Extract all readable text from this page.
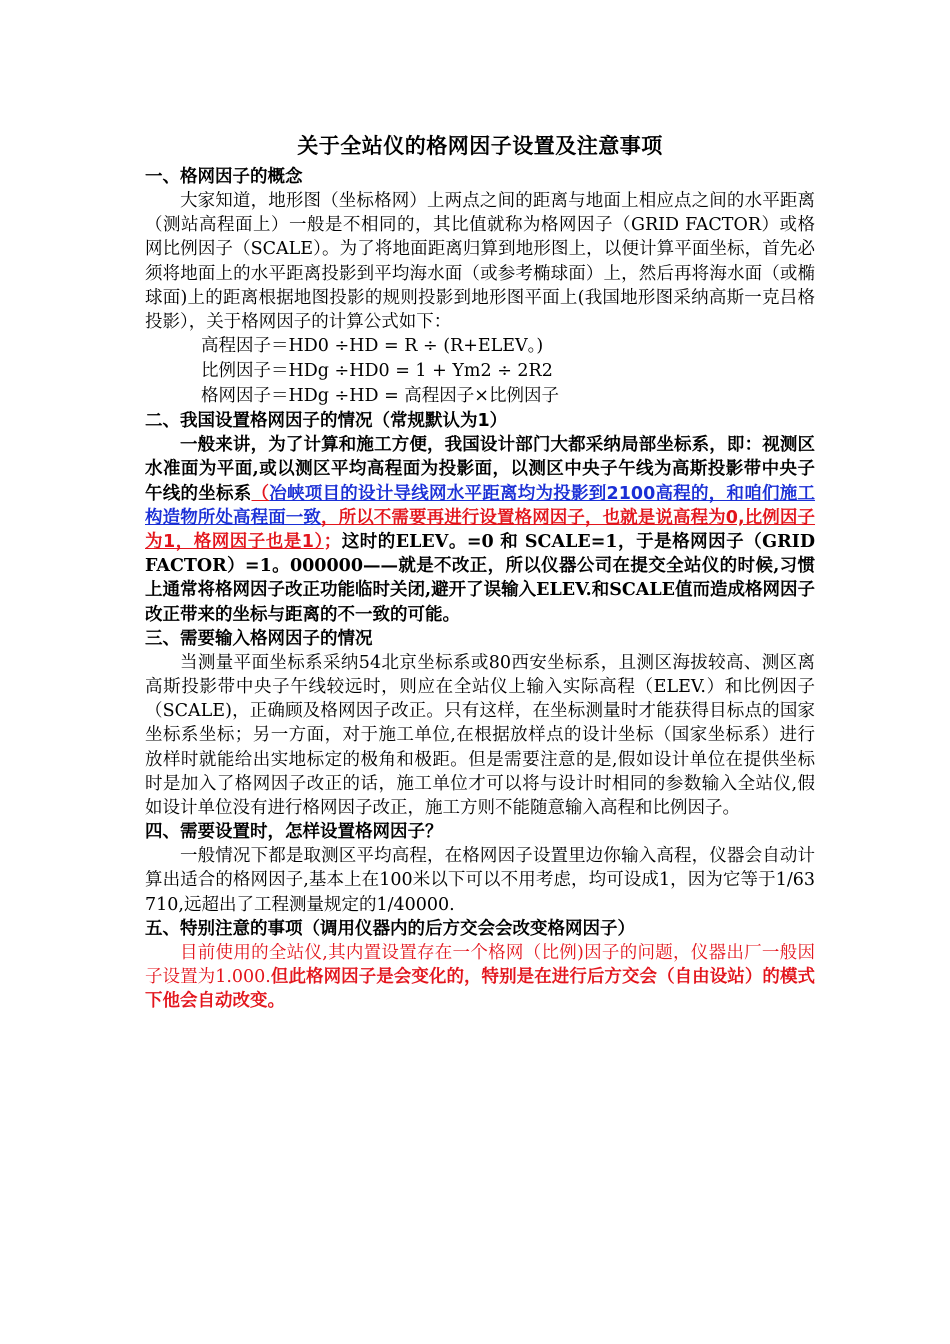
关于全站仪的格网因子设置及注意事项
一、格网因子的概念

大家知道，地形图（坐标格网）上两点之间的距离与地面上相应点之间的水平距离（测站高程面上）一般是不相同的，其比值就称为格网因子（GRID FACTOR）或格网比例因子（SCALE）。为了将地面距离归算到地形图上，以便计算平面坐标，首先必须将地面上的水平距离投影到平均海水面（或参考椭球面）上，然后再将海水面（或椭球面)上的距离根据地图投影的规则投影到地形图平面上(我国地形图采纳高斯一克吕格投影），关于格网因子的计算公式如下：

高程因子＝HD0 ÷HD = R ÷ (R+ELEV。)

比例因子＝HDg ÷HD0 = 1 + Ym2 ÷ 2R2

格网因子＝HDg ÷HD = 高程因子×比例因子

二、我国设置格网因子的情况（常规默认为1）

一般来讲，为了计算和施工方便，我国设计部门大都采纳局部坐标系，即：视测区水准面为平面,或以测区平均高程面为投影面，以测区中央子午线为高斯投影带中央子午线的坐标系（冶峡项目的设计导线网水平距离均为投影到2100高程的，和咱们施工构造物所处高程面一致，所以不需要再进行设置格网因子，也就是说高程为0,比例因子为1，格网因子也是1）；这时的ELEV。=0 和 SCALE=1，于是格网因子（GRID FACTOR）=1。000000——就是不改正，所以仪器公司在提交全站仪的时候,习惯上通常将格网因子改正功能临时关闭,避开了误输入ELEV.和SCALE值而造成格网因子改正带来的坐标与距离的不一致的可能。

三、需要输入格网因子的情况

当测量平面坐标系采纳54北京坐标系或80西安坐标系，且测区海拔较高、测区离高斯投影带中央子午线较远时，则应在全站仪上输入实际高程（ELEV.）和比例因子（SCALE)，正确顾及格网因子改正。只有这样，在坐标测量时才能获得目标点的国家坐标系坐标；另一方面，对于施工单位,在根据放样点的设计坐标（国家坐标系）进行放样时就能给出实地标定的极角和极距。但是需要注意的是,假如设计单位在提供坐标时是加入了格网因子改正的话，施工单位才可以将与设计时相同的参数输入全站仪,假如设计单位没有进行格网因子改正，施工方则不能随意输入高程和比例因子。

四、需要设置时，怎样设置格网因子？

一般情况下都是取测区平均高程，在格网因子设置里边你输入高程，仪器会自动计算出适合的格网因子,基本上在100米以下可以不用考虑，均可设成1，因为它等于1/63710,远超出了工程测量规定的1/40000.

五、特别注意的事项（调用仪器内的后方交会会改变格网因子）

目前使用的全站仪,其内置设置存在一个格网（比例)因子的问题，仪器出厂一般因子设置为1.000.但此格网因子是会变化的，特别是在进行后方交会（自由设站）的模式下他会自动改变。
